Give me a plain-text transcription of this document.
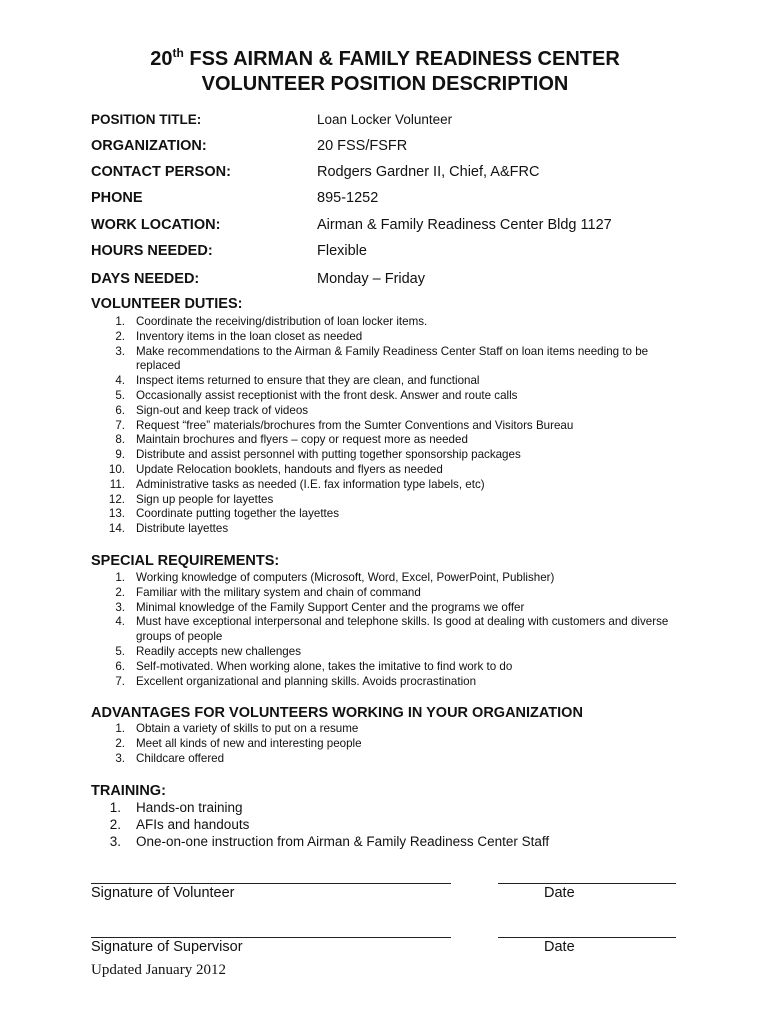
20th FSS AIRMAN & FAMILY READINESS CENTER
VOLUNTEER POSITION DESCRIPTION
POSITION TITLE:	Loan Locker Volunteer
ORGANIZATION:	20 FSS/FSFR
CONTACT PERSON:	Rodgers Gardner II, Chief, A&FRC
PHONE	895-1252
WORK LOCATION:	Airman & Family Readiness Center Bldg 1127
HOURS NEEDED:	Flexible
DAYS NEEDED:	Monday – Friday
VOLUNTEER DUTIES:
1. Coordinate the receiving/distribution of loan locker items.
2. Inventory items in the loan closet as needed
3. Make recommendations to the Airman & Family Readiness Center Staff on loan items needing to be replaced
4. Inspect items returned to ensure that they are clean, and functional
5. Occasionally assist receptionist with the front desk. Answer and route calls
6. Sign-out and keep track of videos
7. Request “free” materials/brochures from the Sumter Conventions and Visitors Bureau
8. Maintain brochures and flyers – copy or request more as needed
9. Distribute and assist personnel with putting together sponsorship packages
10. Update Relocation booklets, handouts and flyers as needed
11. Administrative tasks as needed (I.E. fax information type labels, etc)
12. Sign up people for layettes
13. Coordinate putting together the layettes
14. Distribute layettes
SPECIAL REQUIREMENTS:
1. Working knowledge of computers (Microsoft, Word, Excel, PowerPoint, Publisher)
2. Familiar with the military system and chain of command
3. Minimal knowledge of the Family Support Center and the programs we offer
4. Must have exceptional interpersonal and telephone skills. Is good at dealing with customers and diverse groups of people
5. Readily accepts new challenges
6. Self-motivated. When working alone, takes the imitative to find work to do
7. Excellent organizational and planning skills. Avoids procrastination
ADVANTAGES FOR VOLUNTEERS WORKING IN YOUR ORGANIZATION
1. Obtain a variety of skills to put on a resume
2. Meet all kinds of new and interesting people
3. Childcare offered
TRAINING:
1. Hands-on training
2. AFIs and handouts
3. One-on-one instruction from Airman & Family Readiness Center Staff
Signature of Volunteer	Date
Signature of Supervisor	Date
Updated January 2012
